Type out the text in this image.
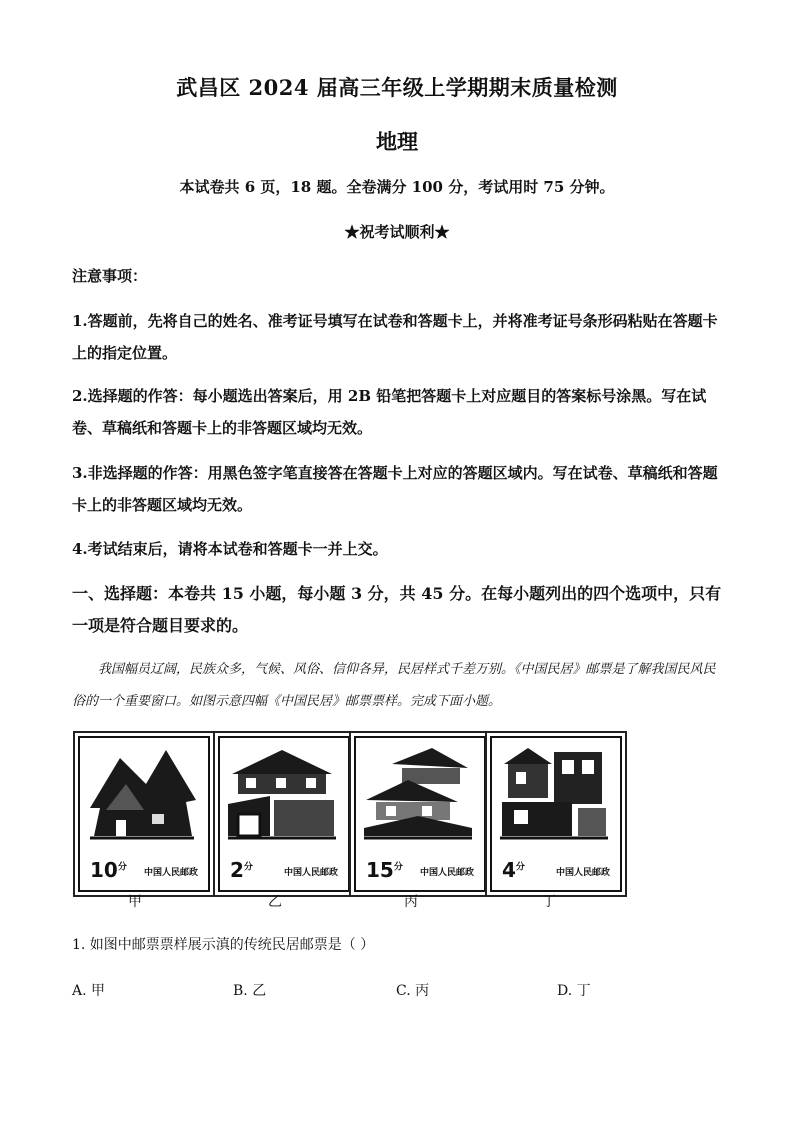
武昌区 2024 届高三年级上学期期末质量检测
地理
本试卷共 6 页，18 题。全卷满分 100 分，考试用时 75 分钟。
★祝考试顺利★
注意事项：
1.答题前，先将自己的姓名、准考证号填写在试卷和答题卡上，并将准考证号条形码粘贴在答题卡上的指定位置。
2.选择题的作答：每小题选出答案后，用 2B 铅笔把答题卡上对应题目的答案标号涂黑。写在试卷、草稿纸和答题卡上的非答题区域均无效。
3.非选择题的作答：用黑色签字笔直接答在答题卡上对应的答题区域内。写在试卷、草稿纸和答题卡上的非答题区域均无效。
4.考试结束后，请将本试卷和答题卡一并上交。
一、选择题：本卷共 15 小题，每小题 3 分，共 45 分。在每小题列出的四个选项中，只有一项是符合题目要求的。
我国幅员辽阔，民族众多，气候、风俗、信仰各异，民居样式千差万别。《中国民居》邮票是了解我国民风民俗的一个重要窗口。如图示意四幅《中国民居》邮票票样。完成下面小题。
$10^分$
中国人民邮政 $2^分$
中国人民邮政 $15^分$
中国人民邮政 $4^分$
中国人民邮政
甲	乙	丙	丁
1. 如图中邮票票样展示滇的传统民居邮票是（ ）
A. 甲	B. 乙	C. 丙	D. 丁
